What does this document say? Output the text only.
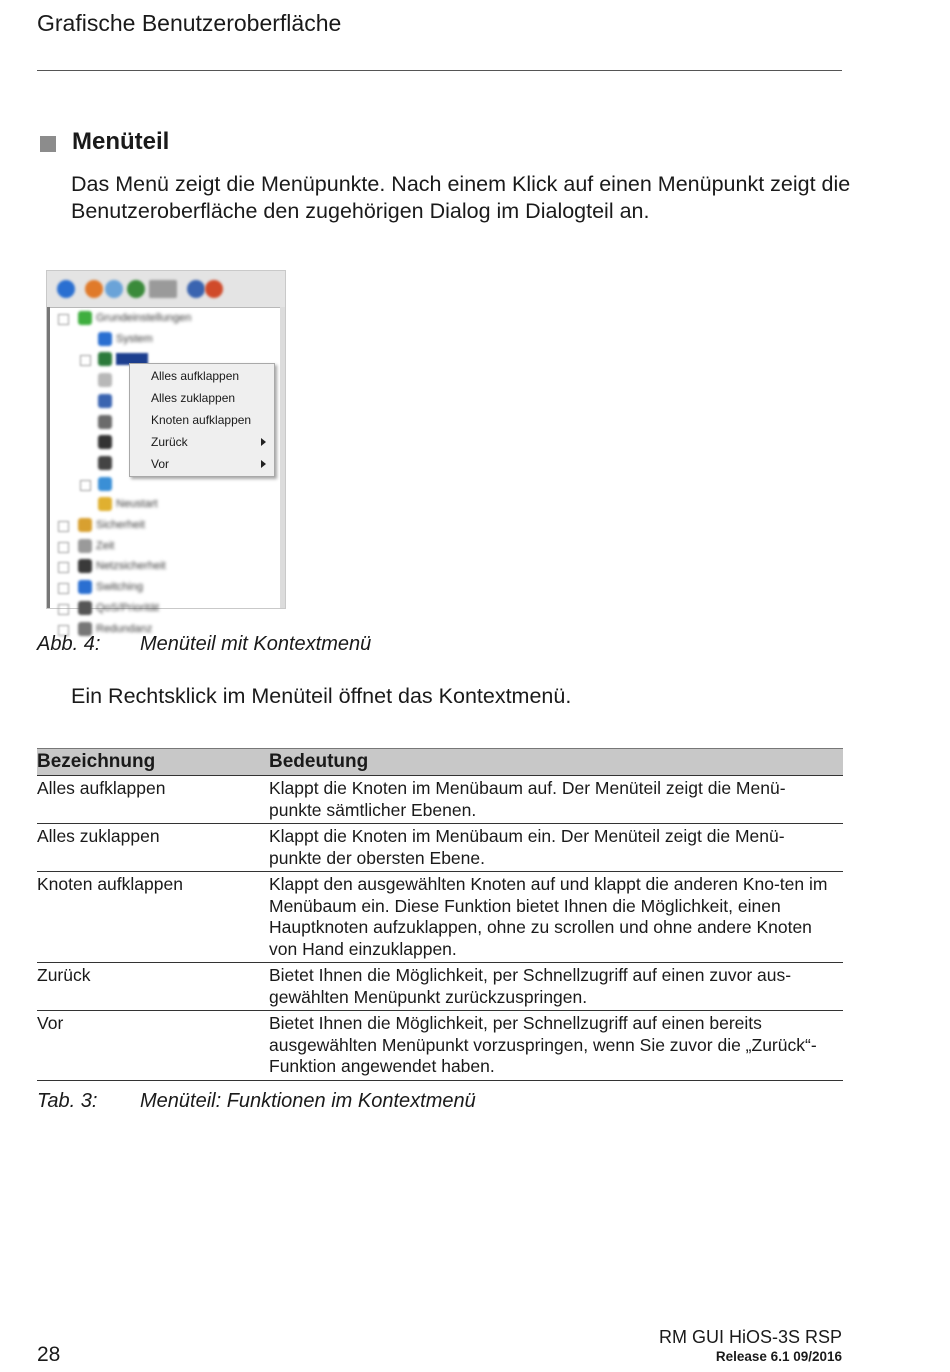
Grafische Benutzeroberfläche
Menüteil
Das Menü zeigt die Menüpunkte. Nach einem Klick auf einen Menüpunkt zeigt die Benutzeroberfläche den zugehörigen Dialog im Dialogteil an.
Grundeinstellungen
System
Neustart
Sicherheit
Zeit
Netzsicherheit
Switching
QoS/Priorität
Redundanz
Alles aufklappen
Alles zuklappen
Knoten aufklappen
Zurück
Vor
Abb. 4: Menüteil mit Kontextmenü
Ein Rechtsklick im Menüteil öffnet das Kontextmenü.
Bezeichnung	Bedeutung
Alles aufklappen	Klappt die Knoten im Menübaum auf. Der Menüteil zeigt die Menü-punkte sämtlicher Ebenen.
Alles zuklappen	Klappt die Knoten im Menübaum ein. Der Menüteil zeigt die Menü-punkte der obersten Ebene.
Knoten aufklappen	Klappt den ausgewählten Knoten auf und klappt die anderen Kno-ten im Menübaum ein. Diese Funktion bietet Ihnen die Möglichkeit, einen Hauptknoten aufzuklappen, ohne zu scrollen und ohne andere Knoten von Hand einzuklappen.
Zurück	Bietet Ihnen die Möglichkeit, per Schnellzugriff auf einen zuvor aus-gewählten Menüpunkt zurückzuspringen.
Vor	Bietet Ihnen die Möglichkeit, per Schnellzugriff auf einen bereits ausgewählten Menüpunkt vorzuspringen, wenn Sie zuvor die „Zurück“-Funktion angewendet haben.
Tab. 3: Menüteil: Funktionen im Kontextmenü
28
RM GUI HiOS-3S RSP
Release 6.1 09/2016
